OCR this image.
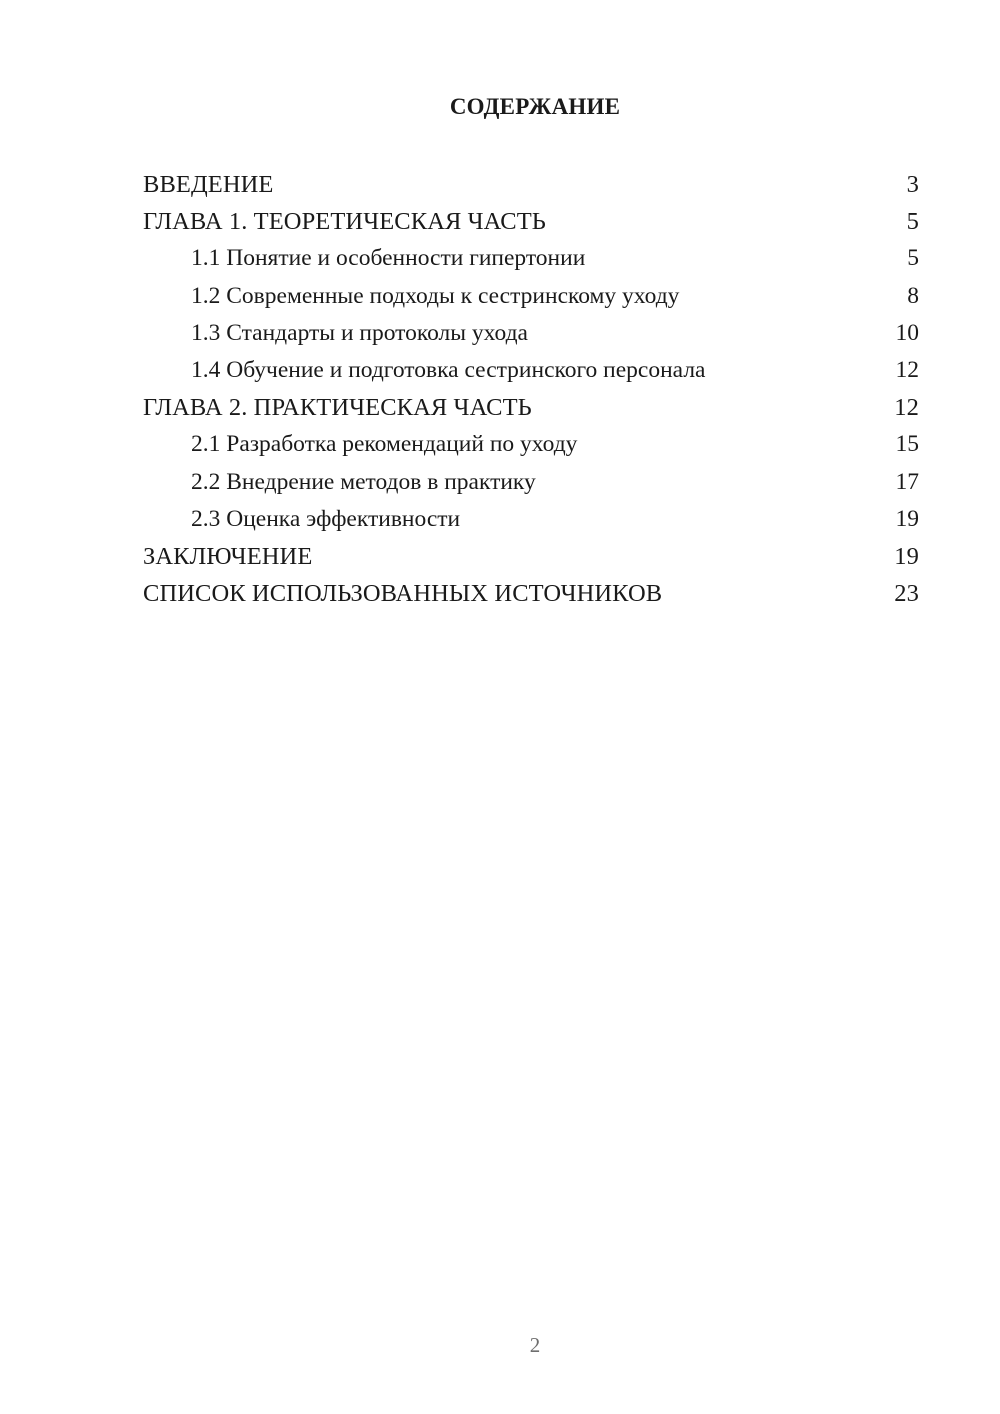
СОДЕРЖАНИЕ
ВВЕДЕНИЕ	3
ГЛАВА 1. ТЕОРЕТИЧЕСКАЯ ЧАСТЬ	5
1.1 Понятие и особенности гипертонии	5
1.2 Современные подходы к сестринскому уходу	8
1.3 Стандарты и протоколы ухода	10
1.4 Обучение и подготовка сестринского персонала	12
ГЛАВА 2. ПРАКТИЧЕСКАЯ ЧАСТЬ	12
2.1 Разработка рекомендаций по уходу	15
2.2 Внедрение методов в практику	17
2.3 Оценка эффективности	19
ЗАКЛЮЧЕНИЕ	19
СПИСОК ИСПОЛЬЗОВАННЫХ ИСТОЧНИКОВ	23
2
